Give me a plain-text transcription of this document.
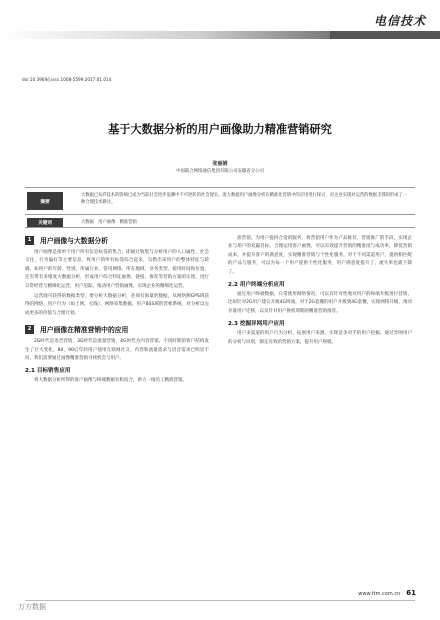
电信技术
doi:10.3969/j.issn.1008-5599.2017.01.014
基于大数据分析的用户画像助力精准营销研究
张丽娟
中国联合网络通信集团有限公司安徽省分公司
摘要
大数据已从IT技术的影响已成为当前社会进步浪潮中不可逆转的社会现实。庞大数据用户画像分析在精准化营销中的应用进行探讨，对企业实现对运营的数据支撑的形成了一种合理技术路径。
关键词	大数据　用户画像　精准营销
1	用户画像与大数据分析

用户画像是指单个用户所有信息标签的集合，即通过收集与分析用户的人口属性、社会交往、行为偏好等主要信息，将用户的所有标签综合起来，勾勒出该用户的整体特征与轮廓。如用户的年龄、性别、所属行业、常用网络、所在地域、业务类型、使用时间和位置，还有带有多维度大数据分析，形成用户综合特征画像，链接、推荐等营销方案的实现，进行日常经营与精细化运营，用户追踪，推动用户营销画像，实现企业的精细化运营。

运营商可获得的数据类型，要分析大数据分析，必须有海量的数据，从网络侧GPS域获得的网络、用户行为（如上网、无线）、网络采集数据、用户BSS域的营帐系统，对分析以完成更多的价值与合理计划。

2	用户画像在精准营销中的应用

2G时代是语音营销，3G时代是流量营销，4G时代为内容营销。不同时期的客户结构发生了巨大变化，80、90后年轻用户使用互联网社交、内容和流量需求与语音需求已明显不同，我们需要通过画像精准营销寻找机会与用户。

2.1 目标销售应用

将大数据分析所得的客户画像与终端数据有机结合，助力一线员工精准营销。

准营销。为用户提供合适的服务，将营销用户作为产品推荐、营销推广的手段，实现企业与用户的双赢目标。合理运用客户画像，可以有效提升营销的精准度与成功率，降低营销成本，并提升客户的满意度，实现精准营销与个性化服务。对于不同渠道用户，提供相匹配的产品与服务，可以为每一个用户提供个性化服务，用户满意度提升了，流失率也就下降了。

2.2 用户终端分析应用

通过用户终端数据，日常使用网络情况，可以有针对性地对用户的终端升级进行营销，比如针对2G用户建议升级4G终端。对于2G套餐的用户升级到4G套餐，实现网络升级，推动存量用户迁移，以及针对用户换机周期的精准营销推荐。

2.3 挖掘异网用户应用

用户多渠道的用户行为分析，拓展用户来源，实现竞争对手的用户挖掘。通过异网用户的分析与识别，制定有效的营销方案，提升用户规模。

www.ttm.com.cn 61
万方数据
